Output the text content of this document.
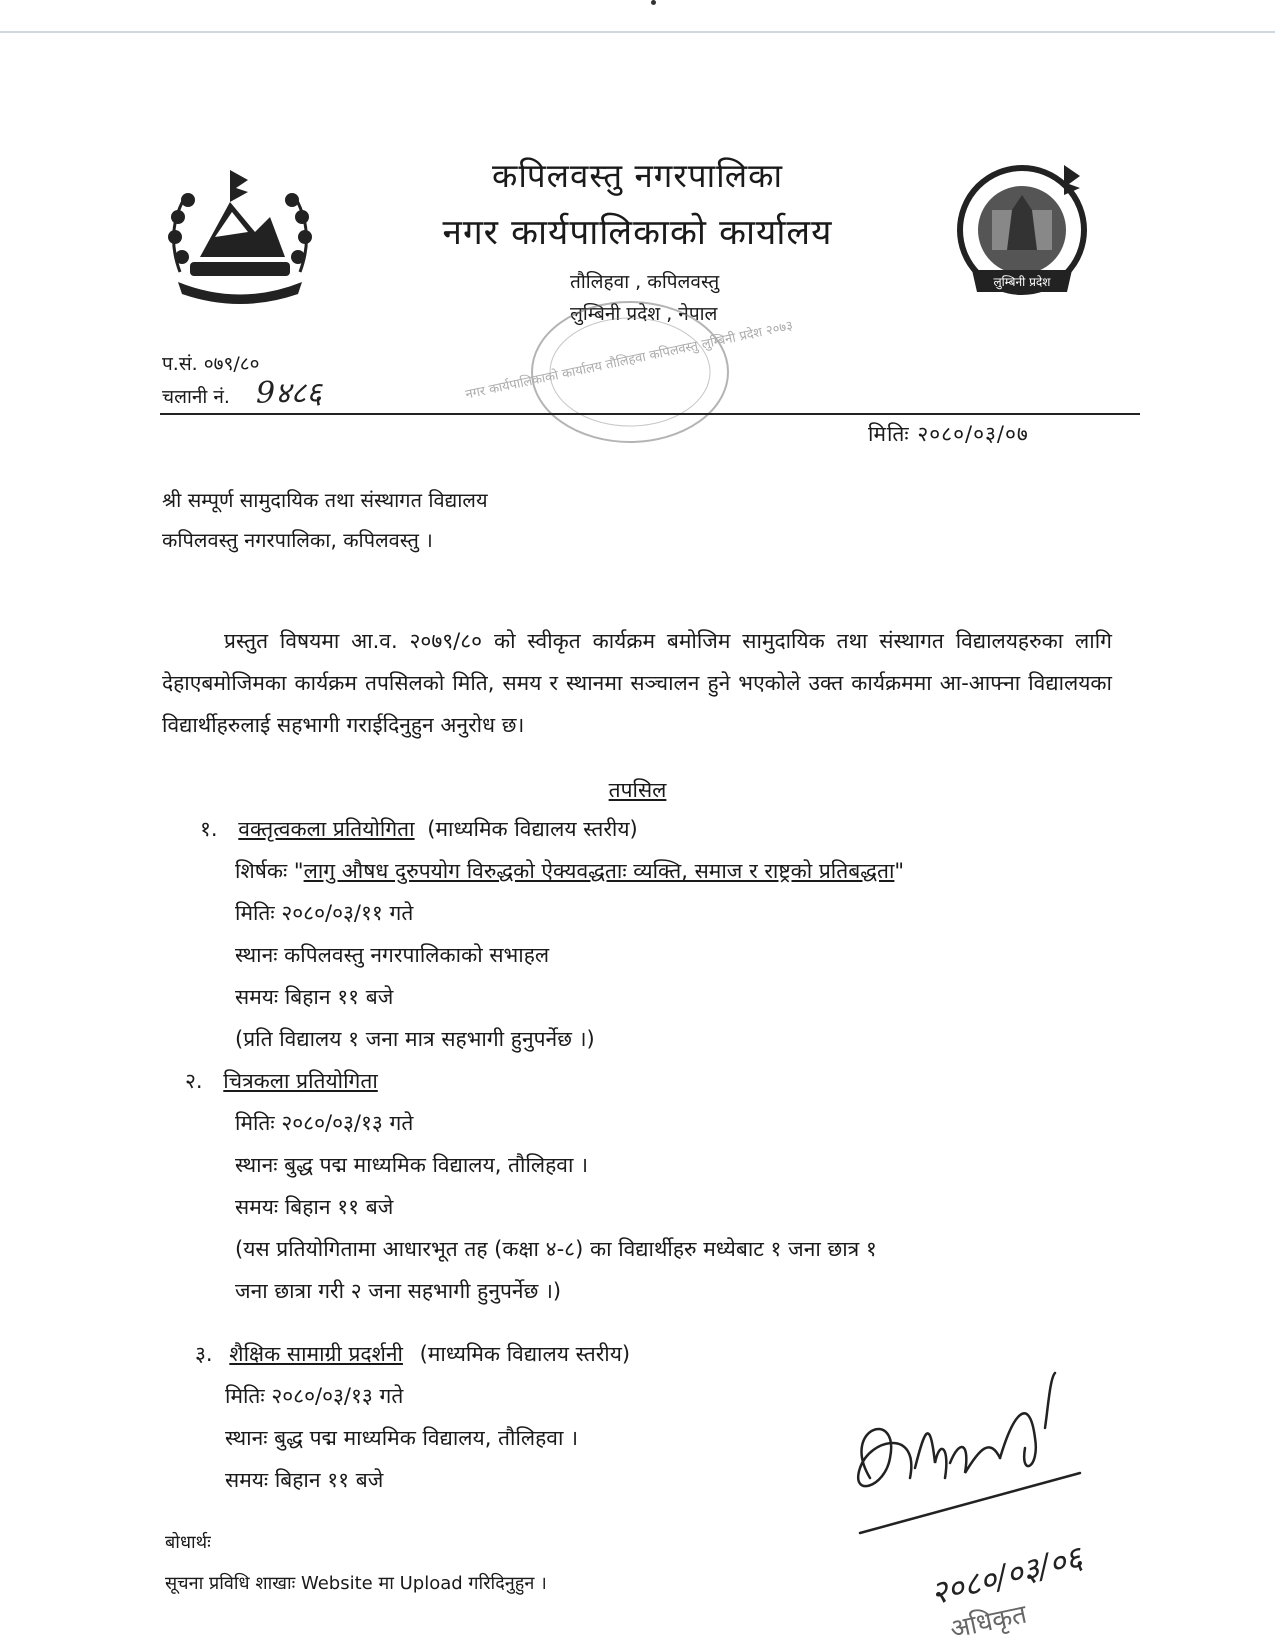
कपिलवस्तु नगरपालिका
नगर कार्यपालिकाको कार्यालय
तौलिहवा , कपिलवस्तु
लुम्बिनी प्रदेश , नेपाल
लुम्बिनी प्रदेश
नगर कार्यपालिकाको कार्यालय तौलिहवा कपिलवस्तु लुम्बिनी प्रदेश २०७३
प.सं. ०७९/८०
चलानी नं. 9४८६
मितिः २०८०/०३/०७
श्री सम्पूर्ण सामुदायिक तथा संस्थागत विद्यालय
कपिलवस्तु नगरपालिका, कपिलवस्तु ।
प्रस्तुत विषयमा आ.व. २०७९/८० को स्वीकृत कार्यक्रम बमोजिम सामुदायिक तथा संस्थागत विद्यालयहरुका लागि देहाएबमोजिमका कार्यक्रम तपसिलको मिति, समय र स्थानमा सञ्चालन हुने भएकोले उक्त कार्यक्रममा आ-आफ्ना विद्यालयका विद्यार्थीहरुलाई सहभागी गराईदिनुहुन अनुरोध छ।
तपसिल
१. वक्तृत्वकला प्रतियोगिता (माध्यमिक विद्यालय स्तरीय)
शिर्षकः "लागु औषध दुरुपयोग विरुद्धको ऐक्यवद्धताः व्यक्ति, समाज र राष्ट्रको प्रतिबद्धता"
मितिः २०८०/०३/११ गते
स्थानः कपिलवस्तु नगरपालिकाको सभाहल
समयः बिहान ११ बजे
(प्रति विद्यालय १ जना मात्र सहभागी हुनुपर्नेछ ।)
२. चित्रकला प्रतियोगिता
मितिः २०८०/०३/१३ गते
स्थानः बुद्ध पद्म माध्यमिक विद्यालय, तौलिहवा ।
समयः बिहान ११ बजे
(यस प्रतियोगितामा आधारभूत तह (कक्षा ४-८) का विद्यार्थीहरु मध्येबाट १ जना छात्र १
जना छात्रा गरी २ जना सहभागी हुनुपर्नेछ ।)
३. शैक्षिक सामाग्री प्रदर्शनी (माध्यमिक विद्यालय स्तरीय)
मितिः २०८०/०३/१३ गते
स्थानः बुद्ध पद्म माध्यमिक विद्यालय, तौलिहवा ।
समयः बिहान ११ बजे
२०८०/०३/०६
अधिकृत
बोधार्थः
सूचना प्रविधि शाखाः Website मा Upload गरिदिनुहुन ।
